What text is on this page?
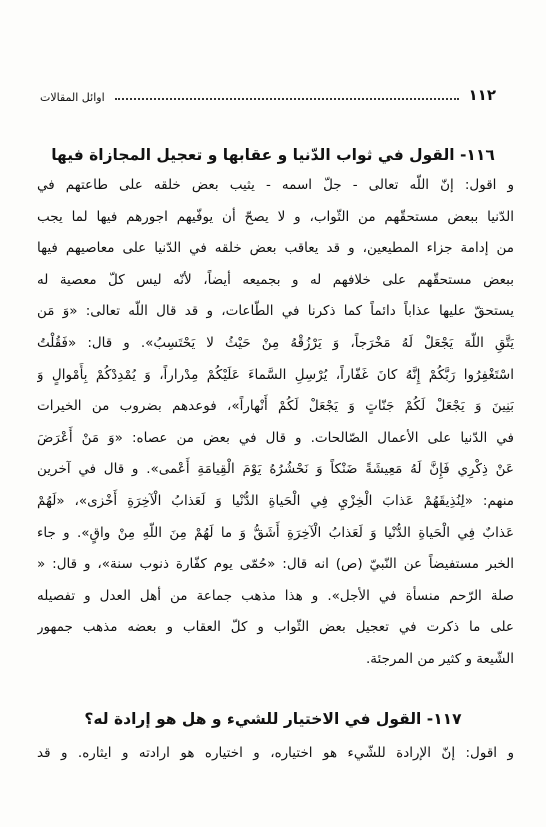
١١٢
اوائل المقالات
١١٦- القول في ثواب الدّنيا و عقابها و تعجيل المجازاة فيها
و اقول: إنّ اللّه تعالى - جلّ اسمه - يثيب بعض خلقه على طاعتهم في
الدّنيا ببعض مستحقّهم من الثّواب، و لا يصحّ أن يوفّيهم اجورهم فيها لما يجب
من إدامة جزاء المطيعين، و قد يعاقب بعض خلقه في الدّنيا على معاصيهم فيها
ببعض مستحقّهم على خلافهم له و بجميعه أيضاً، لأنّه ليس كلّ معصية له
يستحقّ عليها عذاباً دائماً كما ذكرنا في الطّاعات، و قد قال اللّه تعالى: «وَ مَن
يَتَّقِ اللّهَ يَجْعَلْ لَهُ مَخْرَجاً، وَ يَرْزُقْهُ مِنْ حَيْثُ لا يَحْتَسِبُ». و قال: «فَقُلْتُ
اسْتَغْفِرُوا رَبَّكُمْ إِنَّهُ كانَ غَفّاراً، يُرْسِلِ السَّماءَ عَلَيْكُمْ مِدْراراً، وَ يُمْدِدْكُمْ بِأَمْوالٍ وَ
بَنِينَ وَ يَجْعَلْ لَكُمْ جَنّاتٍ وَ يَجْعَلْ لَكُمْ أَنْهاراً»، فوعدهم بضروب من الخيرات
في الدّنيا على الأعمال الصّالحات. و قال في بعض من عصاه: «وَ مَنْ أَعْرَضَ
عَنْ ذِكْرِي فَإِنَّ لَهُ مَعِيشَةً ضَنْكاً وَ نَحْشُرُهُ يَوْمَ الْقِيامَةِ أَعْمى». و قال في آخرين
منهم: «لِنُذِيقَهُمْ عَذابَ الْخِزْيِ فِي الْحَياةِ الدُّنْيا وَ لَعَذابُ الْآخِرَةِ أَخْزى»، «لَهُمْ
عَذابٌ فِي الْحَياةِ الدُّنْيا وَ لَعَذابُ الْآخِرَةِ أَشَقُّ وَ ما لَهُمْ مِنَ اللّهِ مِنْ واقٍ». و جاء
الخبر مستفيضاً عن النّبيّ (ص) انه قال: «حُمّى يوم كفّارة ذنوب سنة»، و قال: «
صلة الرّحم منسأة في الأجل». و هذا مذهب جماعة من أهل العدل و تفصيله
على ما ذكرت في تعجيل بعض الثّواب و كلّ العقاب و بعضه مذهب جمهور
الشّيعة و كثير من المرجئة.
١١٧- القول في الاختيار للشيء و هل هو إرادة له؟
و اقول: إنّ الإرادة للشّيء هو اختياره، و اختياره هو ارادته و ايثاره. و قد
